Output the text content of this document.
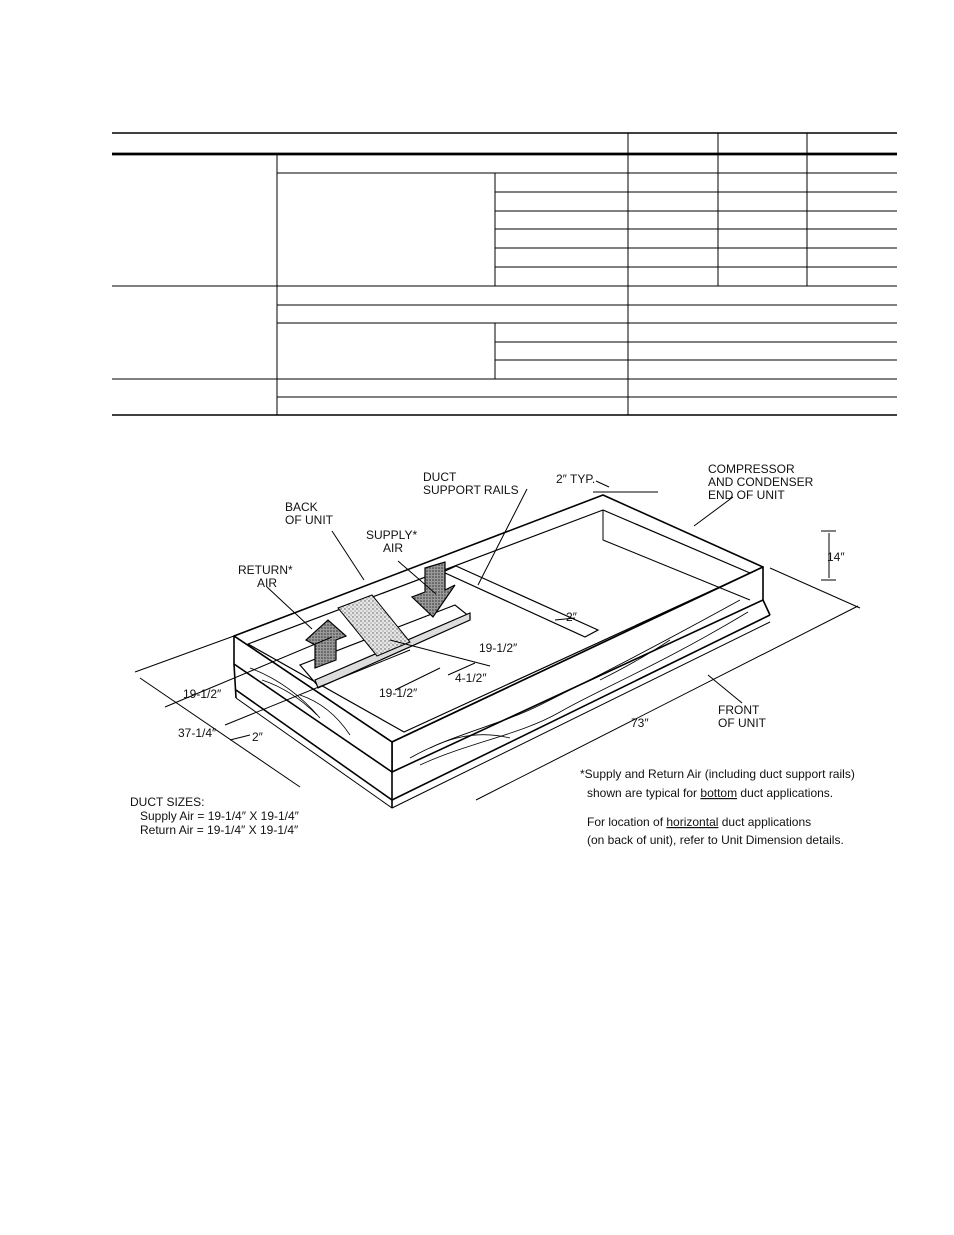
DUCT
SUPPORT RAILS
2″ TYP.
COMPRESSOR
AND CONDENSER
END OF UNIT
BACK
OF UNIT
SUPPLY*
AIR
RETURN*
AIR
FRONT
OF UNIT
14″
2″
19-1/2″
4-1/2″
19-1/2″
19-1/2″
37-1/4″	2″
73″
DUCT SIZES:
Supply Air = 19-1/4″ X 19-1/4″
Return Air = 19-1/4″ X 19-1/4″
*Supply and Return Air (including duct support rails)
shown are typical for bottom duct applications.
For location of horizontal duct applications
(on back of unit), refer to Unit Dimension details.
